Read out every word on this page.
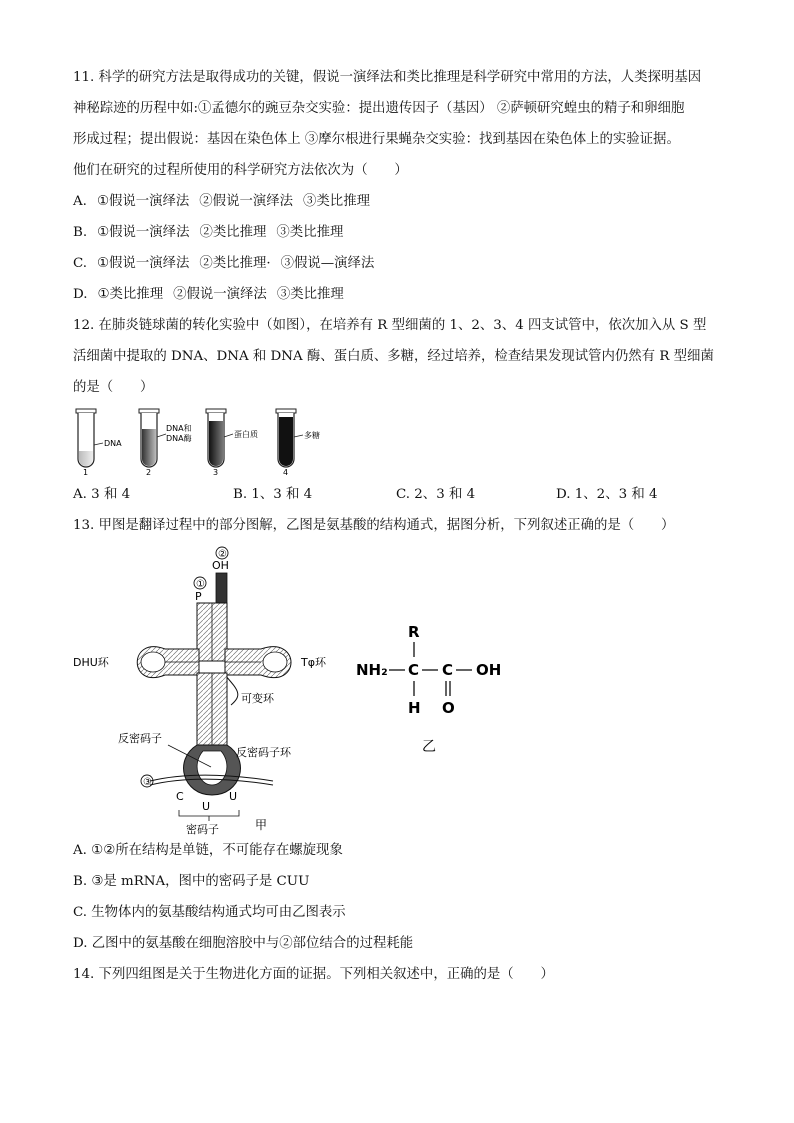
11. 科学的研究方法是取得成功的关键，假说一演绎法和类比推理是科学研究中常用的方法，人类探明基因
神秘踪迹的历程中如:①孟德尔的豌豆杂交实验：提出遗传因子（基因） ②萨顿研究蝗虫的精子和卵细胞
形成过程；提出假说：基因在染色体上 ③摩尔根进行果蝇杂交实验：找到基因在染色体上的实验证据。
他们在研究的过程所使用的科学研究方法依次为（　　）
A. ①假说一演绎法 ②假说一演绎法 ③类比推理
B. ①假说一演绎法 ②类比推理 ③类比推理
C. ①假说一演绎法 ②类比推理· ③假说—演绎法
D. ①类比推理 ②假说一演绎法 ③类比推理
12. 在肺炎链球菌的转化实验中（如图），在培养有 R 型细菌的 1、2、3、4 四支试管中，依次加入从 S 型
活细菌中提取的 DNA、DNA 和 DNA 酶、蛋白质、多糖，经过培养，检查结果发现试管内仍然有 R 型细菌
的是（　　）
DNA
1
DNA和
DNA酶
2
蛋白质
3
多糖
4
A. 3 和 4	B. 1、3 和 4	C. 2、3 和 4	D. 1、2、3 和 4
13. 甲图是翻译过程中的部分图解，乙图是氨基酸的结构通式，据图分析，下列叙述正确的是（　　）
②
OH
①
P
DHU环	Tφ环
可变环
反密码子
反密码子环
③
C
U
U
密码子	甲
R
NH₂ C C OH
H O
乙
A. ①②所在结构是单链，不可能存在螺旋现象
B. ③是 mRNA，图中的密码子是 CUU
C. 生物体内的氨基酸结构通式均可由乙图表示
D. 乙图中的氨基酸在细胞溶胶中与②部位结合的过程耗能
14. 下列四组图是关于生物进化方面的证据。下列相关叙述中，正确的是（　　）
